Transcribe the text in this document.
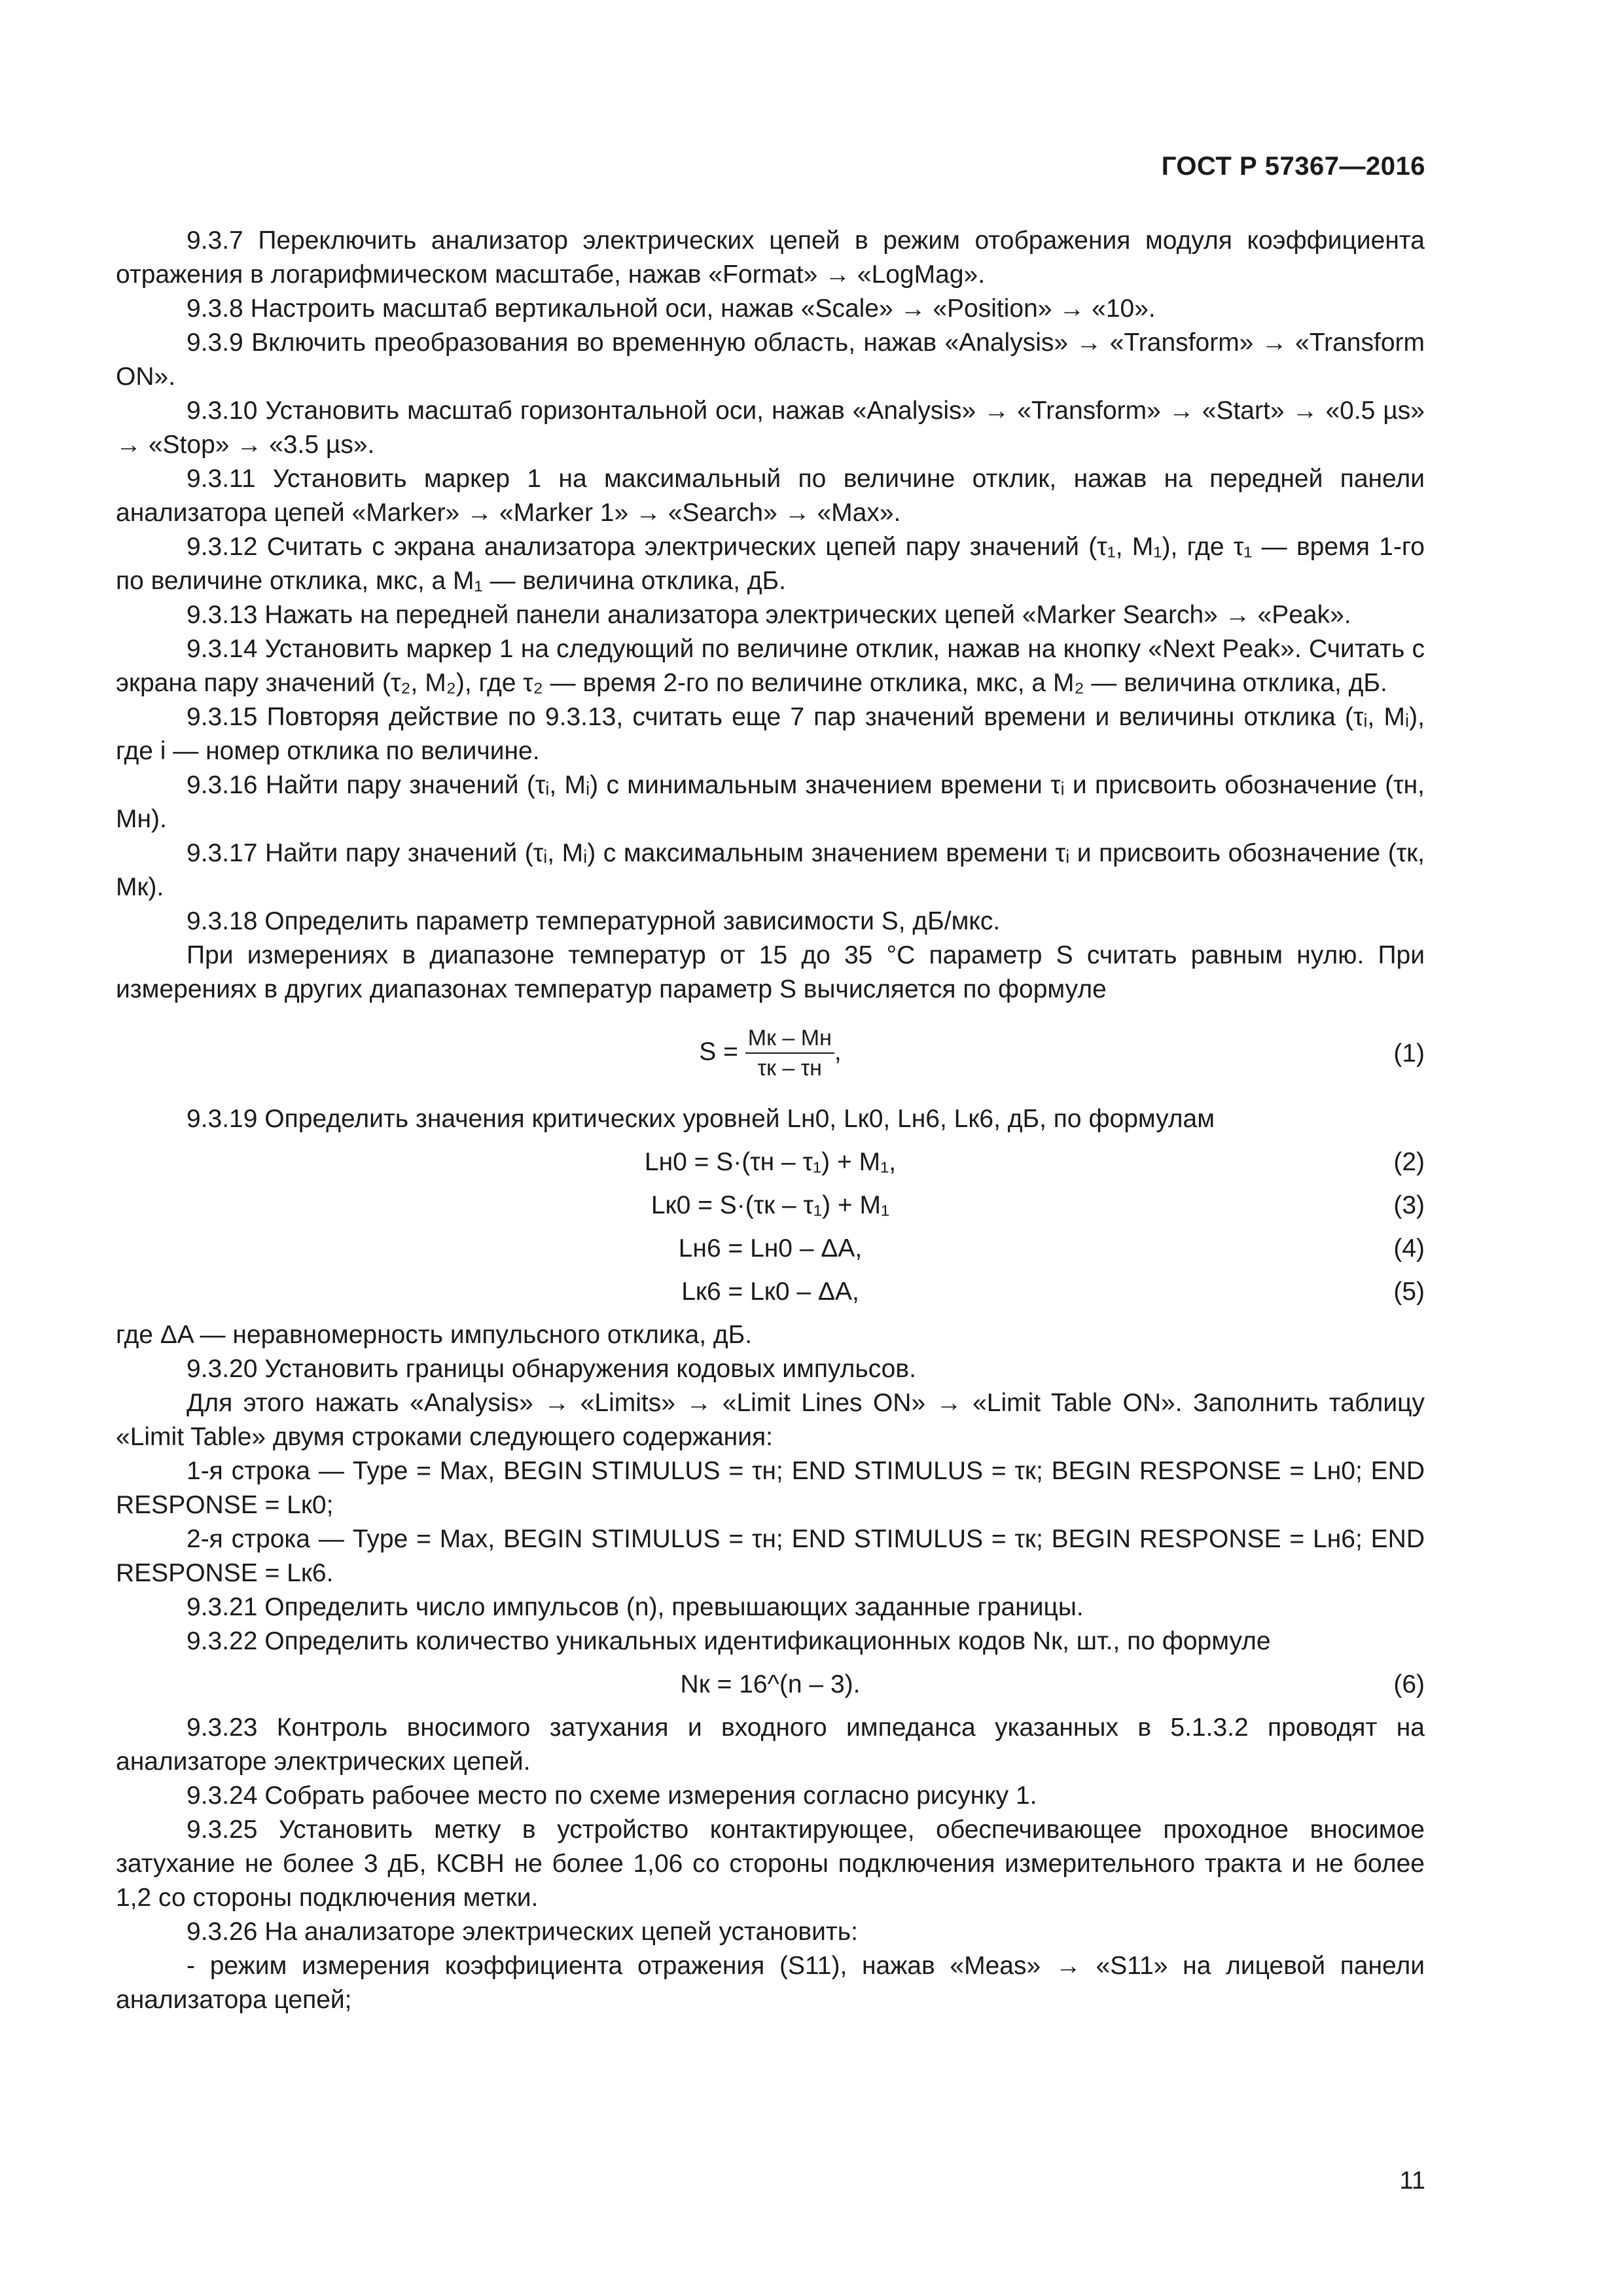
ГОСТ Р 57367—2016

9.3.7 Переключить анализатор электрических цепей в режим отображения модуля коэффициента отражения в логарифмическом масштабе, нажав «Format» → «LogMag».

9.3.8 Настроить масштаб вертикальной оси, нажав «Scale» → «Position» → «10».

9.3.9 Включить преобразования во временную область, нажав «Analysis» → «Transform» → «Transform ON».

9.3.10 Установить масштаб горизонтальной оси, нажав «Analysis» → «Transform» → «Start» → «0.5 µs» → «Stop» → «3.5 µs».

9.3.11 Установить маркер 1 на максимальный по величине отклик, нажав на передней панели анализатора цепей «Marker» → «Marker 1» → «Search» → «Max».

9.3.12 Считать с экрана анализатора электрических цепей пару значений (τ₁, M₁), где τ₁ — время 1-го по величине отклика, мкс, а M₁ — величина отклика, дБ.

9.3.13 Нажать на передней панели анализатора электрических цепей «Marker Search» → «Peak».

9.3.14 Установить маркер 1 на следующий по величине отклик, нажав на кнопку «Next Peak». Считать с экрана пару значений (τ₂, M₂), где τ₂ — время 2-го по величине отклика, мкс, а M₂ — величина отклика, дБ.

9.3.15 Повторяя действие по 9.3.13, считать еще 7 пар значений времени и величины отклика (τᵢ, Mᵢ), где i — номер отклика по величине.

9.3.16 Найти пару значений (τᵢ, Mᵢ) с минимальным значением времени τᵢ и присвоить обозначение (τн, Mн).

9.3.17 Найти пару значений (τᵢ, Mᵢ) с максимальным значением времени τᵢ и присвоить обозначение (τк, Mк).

9.3.18 Определить параметр температурной зависимости S, дБ/мкс.

При измерениях в диапазоне температур от 15 до 35 °С параметр S считать равным нулю. При измерениях в других диапазонах температур параметр S вычисляется по формуле

$S = \frac{Mк - Mн}{\tau к - \tau н}$ ,	(1)

9.3.19 Определить значения критических уровней Lн0, Lк0, Lн6, Lк6, дБ, по формулам

Lн0 = S·(τн – τ₁) + M₁,	(2)
Lк0 = S·(τк – τ₁) + M₁	(3)
Lн6 = Lн0 – ΔA,	(4)
Lк6 = Lк0 – ΔA,	(5)

где ΔA — неравномерность импульсного отклика, дБ.

9.3.20 Установить границы обнаружения кодовых импульсов.

Для этого нажать «Analysis» → «Limits» → «Limit Lines ON» → «Limit Table ON». Заполнить таблицу «Limit Table» двумя строками следующего содержания:

1-я строка — Type = Max, BEGIN STIMULUS = τн; END STIMULUS = τк; BEGIN RESPONSE = Lн0; END RESPONSE = Lк0;

2-я строка — Type = Max, BEGIN STIMULUS = τн; END STIMULUS = τк; BEGIN RESPONSE = Lн6; END RESPONSE = Lк6.

9.3.21 Определить число импульсов (n), превышающих заданные границы.

9.3.22 Определить количество уникальных идентификационных кодов Nк, шт., по формуле

Nк = 16^(n – 3).	(6)

9.3.23 Контроль вносимого затухания и входного импеданса указанных в 5.1.3.2 проводят на анализаторе электрических цепей.

9.3.24 Собрать рабочее место по схеме измерения согласно рисунку 1.

9.3.25 Установить метку в устройство контактирующее, обеспечивающее проходное вносимое затухание не более 3 дБ, КСВН не более 1,06 со стороны подключения измерительного тракта и не более 1,2 со стороны подключения метки.

9.3.26 На анализаторе электрических цепей установить:

- режим измерения коэффициента отражения (S11), нажав «Meas» → «S11» на лицевой панели анализатора цепей;

11
